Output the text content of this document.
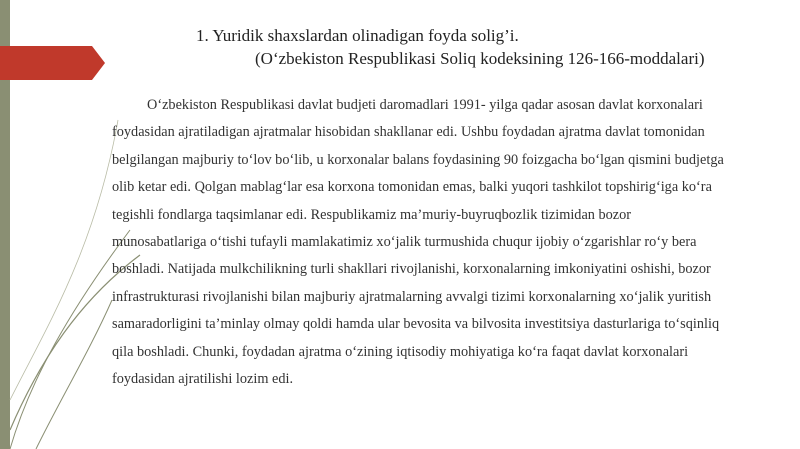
1. Yuridik shaxslardan olinadigan foyda solig’i.
(O‘zbekiston Respublikasi Soliq kodeksining 126-166-moddalari)

O‘zbekiston Respublikasi davlat budjeti daromadlari 1991- yilga qadar asosan davlat korxonalari
foydasidan ajratiladigan ajratmalar hisobidan shakllanar edi. Ushbu foydadan ajratma davlat tomonidan
belgilangan majburiy to‘lov bo‘lib, u korxonalar balans foydasining 90 foizgacha bo‘lgan qismini budjetga
olib ketar edi. Qolgan mablag‘lar esa korxona tomonidan emas, balki yuqori tashkilot topshirig‘iga ko‘ra
tegishli fondlarga taqsimlanar edi. Respublikamiz ma’muriy-buyruqbozlik tizimidan bozor
munosabatlariga o‘tishi tufayli mamlakatimiz xo‘jalik turmushida chuqur ijobiy o‘zgarishlar ro‘y bera
boshladi. Natijada mulkchilikning turli shakllari rivojlanishi, korxonalarning imkoniyatini oshishi, bozor
infrastrukturasi rivojlanishi bilan majburiy ajratmalarning avvalgi tizimi korxonalarning xo‘jalik yuritish
samaradorligini ta’minlay olmay qoldi hamda ular bevosita va bilvosita investitsiya dasturlariga to‘sqinliq
qila boshladi. Chunki, foydadan ajratma o‘zining iqtisodiy mohiyatiga ko‘ra faqat davlat korxonalari
foydasidan ajratilishi lozim edi.
